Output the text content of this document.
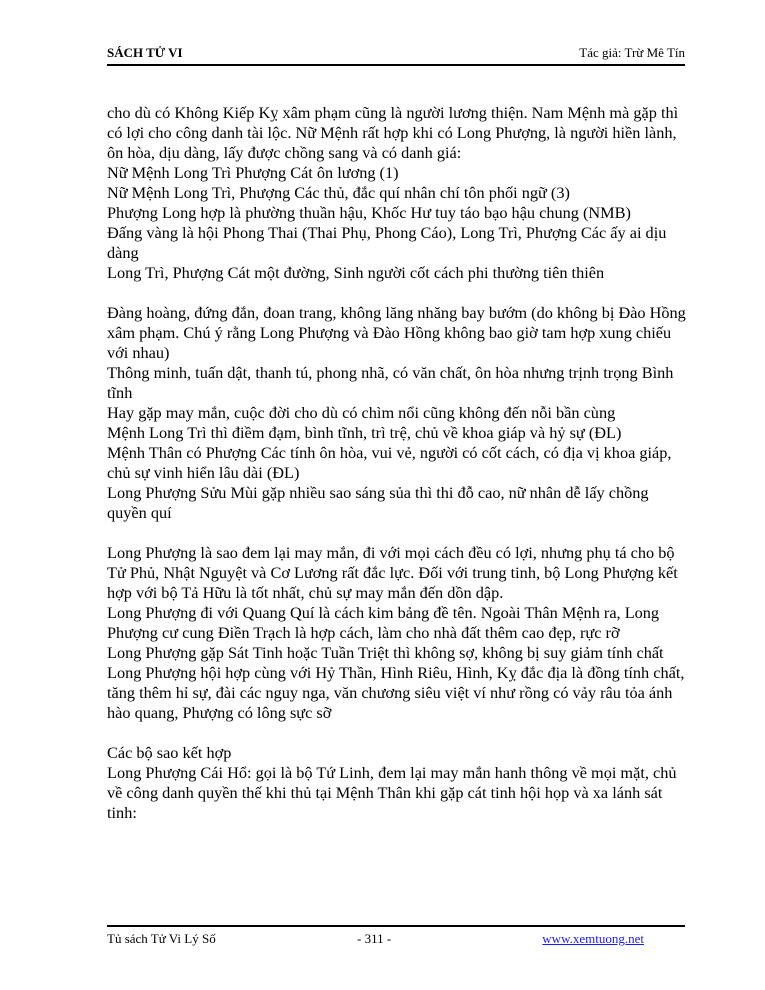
SÁCH TỬ VI	Tác giả: Trừ Mê Tín

cho dù có Không Kiếp Kỵ xâm phạm cũng là người lương thiện. Nam Mệnh mà gặp thì có lợi cho công danh tài lộc. Nữ Mệnh rất hợp khi có Long Phượng, là người hiền lành, ôn hòa, dịu dàng, lấy được chồng sang và có danh giá:

Nữ Mệnh Long Trì Phượng Cát ôn lương (1)

Nữ Mệnh Long Trì, Phượng Các thủ, đắc quí nhân chí tôn phối ngữ (3)

Phượng Long hợp là phường thuần hậu, Khốc Hư tuy táo bạo hậu chung (NMB)

Đấng vàng là hội Phong Thai (Thai Phụ, Phong Cáo), Long Trì, Phượng Các ấy ai dịu dàng

Long Trì, Phượng Cát một đường, Sinh người cốt cách phi thường tiên thiên

Đàng hoàng, đứng đắn, đoan trang, không lăng nhăng bay bướm (do không bị Đào Hồng xâm phạm. Chú ý rằng Long Phượng và Đào Hồng không bao giờ tam hợp xung chiếu với nhau)

Thông minh, tuấn dật, thanh tú, phong nhã, có văn chất, ôn hòa nhưng trịnh trọng Bình tĩnh

Hay gặp may mắn, cuộc đời cho dù có chìm nổi cũng không đến nỗi bần cùng

Mệnh Long Trì thì điềm đạm, bình tĩnh, trì trệ, chủ về khoa giáp và hỷ sự (ĐL)

Mệnh Thân có Phượng Các tính ôn hòa, vui vẻ, người có cốt cách, có địa vị khoa giáp, chủ sự vinh hiển lâu dài (ĐL)

Long Phượng Sửu Mùi gặp nhiều sao sáng sủa thì thi đỗ cao, nữ nhân dễ lấy chồng quyền quí

Long Phượng là sao đem lại may mắn, đi với mọi cách đều có lợi, nhưng phụ tá cho bộ Tử Phủ, Nhật Nguyệt và Cơ Lương rất đắc lực. Đối với trung tinh, bộ Long Phượng kết hợp với bộ Tả Hữu là tốt nhất, chủ sự may mắn đến dồn dập.

Long Phượng đi với Quang Quí là cách kim bảng đề tên. Ngoài Thân Mệnh ra, Long Phượng cư cung Điền Trạch là hợp cách, làm cho nhà đất thêm cao đẹp, rực rỡ

Long Phượng gặp Sát Tinh hoặc Tuần Triệt thì không sợ, không bị suy giảm tính chất

Long Phượng hội hợp cùng với Hỷ Thần, Hình Riêu, Hình, Kỵ đắc địa là đồng tính chất, tăng thêm hỉ sự, đài các nguy nga, văn chương siêu việt ví như rồng có vảy râu tỏa ánh hào quang, Phượng có lông sực sỡ

Các bộ sao kết hợp

Long Phượng Cái Hổ: gọi là bộ Tứ Linh, đem lại may mắn hanh thông về mọi mặt, chủ về công danh quyền thế khi thủ tại Mệnh Thân khi gặp cát tinh hội họp và xa lánh sát tinh:

Tủ sách Tử Vi Lý Số	- 311 -	www.xemtuong.net
